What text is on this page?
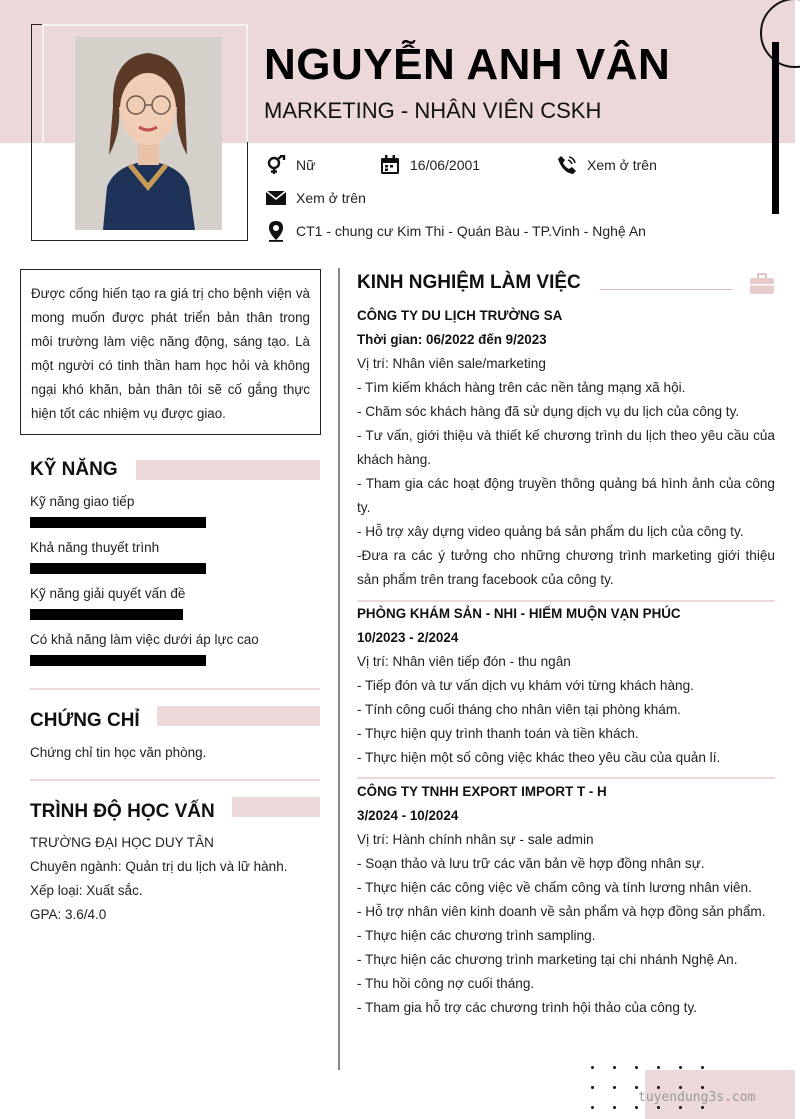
NGUYỄN ANH VÂN
MARKETING - NHÂN VIÊN CSKH
Nữ	16/06/2001	Xem ở trên
Xem ở trên
CT1 - chung cư Kim Thi - Quán Bàu - TP.Vinh - Nghệ An
Được cống hiến tạo ra giá trị cho bệnh viện và mong muốn được phát triển bản thân trong môi trường làm việc năng động, sáng tạo. Là một người có tinh thần ham học hỏi và không ngại khó khăn, bản thân tôi sẽ cố gắng thực hiện tốt các nhiệm vụ được giao.
KỸ NĂNG
Kỹ năng giao tiếp
Khả năng thuyết trình
Kỹ năng giải quyết vấn đề
Có khả năng làm việc dưới áp lực cao
CHỨNG CHỈ
Chứng chỉ tin học văn phòng.
TRÌNH ĐỘ HỌC VẤN
TRƯỜNG ĐẠI HỌC DUY TÂN
Chuyên ngành: Quản trị du lịch và lữ hành.
Xếp loại: Xuất sắc.
GPA: 3.6/4.0
KINH NGHIỆM LÀM VIỆC
CÔNG TY DU LỊCH TRƯỜNG SA
Thời gian: 06/2022 đến 9/2023
Vị trí: Nhân viên sale/marketing
- Tìm kiếm khách hàng trên các nền tảng mạng xã hội.
- Chăm sóc khách hàng đã sử dụng dịch vụ du lịch của công ty.
- Tư vấn, giới thiệu và thiết kế chương trình du lịch theo yêu cầu của khách hàng.
- Tham gia các hoạt động truyền thông quảng bá hình ảnh của công ty.
- Hỗ trợ xây dựng video quảng bá sản phẩm du lịch của công ty.
-Đưa ra các ý tưởng cho những chương trình marketing giới thiệu sản phẩm trên trang facebook của công ty.
PHÒNG KHÁM SẢN - NHI - HIẾM MUỘN VẠN PHÚC
10/2023 - 2/2024
Vị trí: Nhân viên tiếp đón - thu ngân
- Tiếp đón và tư vấn dịch vụ khám với từng khách hàng.
- Tính công cuối tháng cho nhân viên tại phòng khám.
- Thực hiện quy trình thanh toán và tiền khách.
- Thực hiện một số công việc khác theo yêu cầu của quản lí.
CÔNG TY TNHH EXPORT IMPORT T - H
3/2024 - 10/2024
Vị trí: Hành chính nhân sự - sale admin
- Soạn thảo và lưu trữ các văn bản về hợp đồng nhân sự.
- Thực hiện các công việc về chấm công và tính lương nhân viên.
- Hỗ trợ nhân viên kinh doanh về sản phẩm và hợp đồng sản phẩm.
- Thực hiện các chương trình sampling.
- Thực hiện các chương trình marketing tại chi nhánh Nghệ An.
- Thu hồi công nợ cuối tháng.
- Tham gia hỗ trợ các chương trình hội thảo của công ty.
tuyendung3s.com
